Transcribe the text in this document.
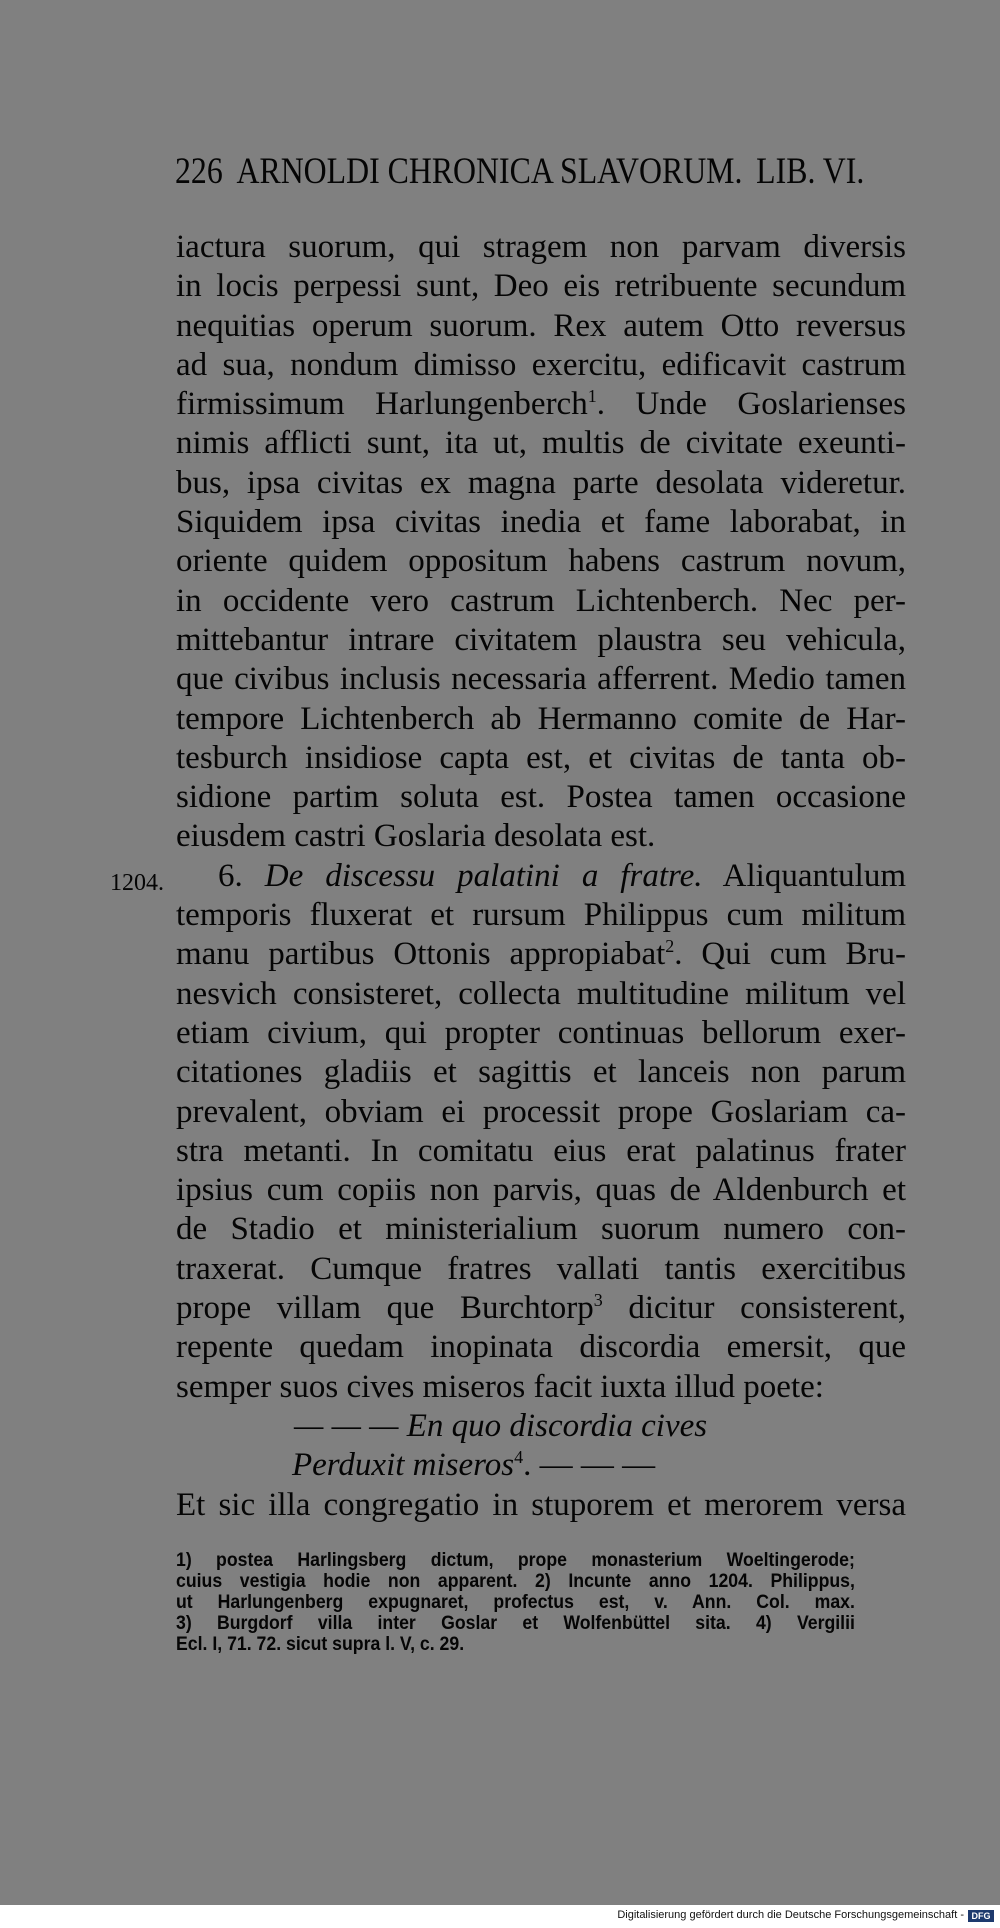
226 ARNOLDI CHRONICA SLAVORUM. LIB. VI.
iactura suorum, qui stragem non parvam diversis
in locis perpessi sunt, Deo eis retribuente secundum
nequitias operum suorum. Rex autem Otto reversus
ad sua, nondum dimisso exercitu, edificavit castrum
firmissimum Harlungenberch$^1$. Unde Goslarienses
nimis afflicti sunt, ita ut, multis de civitate exeunti-
bus, ipsa civitas ex magna parte desolata videretur.
Siquidem ipsa civitas inedia et fame laborabat, in
oriente quidem oppositum habens castrum novum,
in occidente vero castrum Lichtenberch. Nec per-
mittebantur intrare civitatem plaustra seu vehicula,
que civibus inclusis necessaria afferrent. Medio tamen
tempore Lichtenberch ab Hermanno comite de Har-
tesburch insidiose capta est, et civitas de tanta ob-
sidione partim soluta est. Postea tamen occasione
eiusdem castri Goslaria desolata est.
6. De discessu palatini a fratre. Aliquantulum
temporis fluxerat et rursum Philippus cum militum
manu partibus Ottonis appropiabat$^2$. Qui cum Bru-
nesvich consisteret, collecta multitudine militum vel
etiam civium, qui propter continuas bellorum exer-
citationes gladiis et sagittis et lanceis non parum
prevalent, obviam ei processit prope Goslariam ca-
stra metanti. In comitatu eius erat palatinus frater
ipsius cum copiis non parvis, quas de Aldenburch et
de Stadio et ministerialium suorum numero con-
traxerat. Cumque fratres vallati tantis exercitibus
prope villam que Burchtorp$^3$ dicitur consisterent,
repente quedam inopinata discordia emersit, que
semper suos cives miseros facit iuxta illud poete:
— — — En quo discordia cives
Perduxit miseros$^4$. — — —
Et sic illa congregatio in stuporem et merorem versa
1204.
1) postea Harlingsberg dictum, prope monasterium Woeltingerode;
cuius vestigia hodie non apparent. 2) Incunte anno 1204. Philippus,
ut Harlungenberg expugnaret, profectus est, v. Ann. Col. max.
3) Burgdorf villa inter Goslar et Wolfenbüttel sita. 4) Vergilii
Ecl. I, 71. 72. sicut supra l. V, c. 29.
Digitalisierung gefördert durch die Deutsche Forschungsgemeinschaft - DFG
